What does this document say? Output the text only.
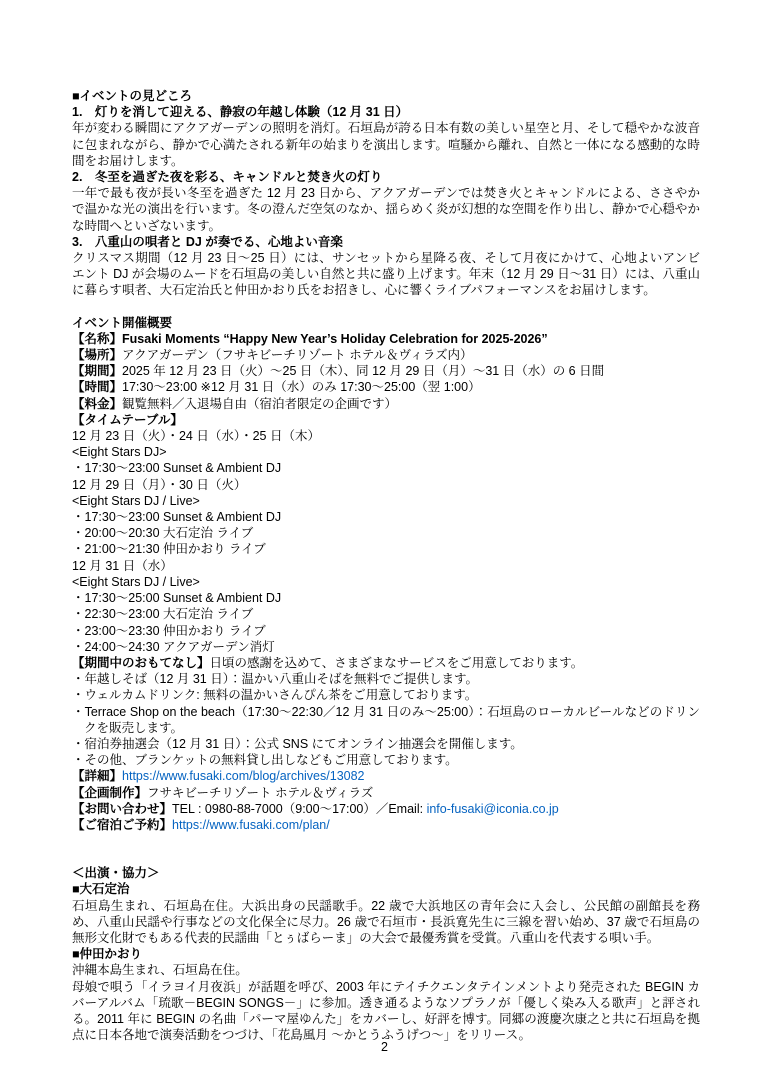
■イベントの見どころ
1.　灯りを消して迎える、静寂の年越し体験（12 月 31 日）

年が変わる瞬間にアクアガーデンの照明を消灯。石垣島が誇る日本有数の美しい星空と月、そして穏やかな波音に包まれながら、静かで心満たされる新年の始まりを演出します。喧騒から離れ、自然と一体になる感動的な時間をお届けします。

2.　冬至を過ぎた夜を彩る、キャンドルと焚き火の灯り

一年で最も夜が長い冬至を過ぎた 12 月 23 日から、アクアガーデンでは焚き火とキャンドルによる、ささやかで温かな光の演出を行います。冬の澄んだ空気のなか、揺らめく炎が幻想的な空間を作り出し、静かで心穏やかな時間へといざないます。

3.　八重山の唄者と DJ が奏でる、心地よい音楽

クリスマス期間（12 月 23 日～25 日）には、サンセットから星降る夜、そして月夜にかけて、心地よいアンビエント DJ が会場のムードを石垣島の美しい自然と共に盛り上げます。年末（12 月 29 日～31 日）には、八重山に暮らす唄者、大石定治氏と仲田かおり氏をお招きし、心に響くライブパフォーマンスをお届けします。

イベント開催概要
【名称】Fusaki Moments “Happy New Year’s Holiday Celebration for 2025-2026”
【場所】アクアガーデン（フサキビーチリゾート ホテル＆ヴィラズ内）
【期間】2025 年 12 月 23 日（火）～25 日（木）、同 12 月 29 日（月）～31 日（水）の 6 日間
【時間】17:30～23:00 ※12 月 31 日（水）のみ 17:30～25:00（翌 1:00）
【料金】観覧無料／入退場自由（宿泊者限定の企画です）
【タイムテーブル】
12 月 23 日（火）・24 日（水）・25 日（木）
<Eight Stars DJ>
・17:30～23:00 Sunset & Ambient DJ
12 月 29 日（月）・30 日（火）
<Eight Stars DJ / Live>
・17:30～23:00 Sunset & Ambient DJ
・20:00～20:30 大石定治 ライブ
・21:00～21:30 仲田かおり ライブ
12 月 31 日（水）
<Eight Stars DJ / Live>
・17:30～25:00 Sunset & Ambient DJ
・22:30～23:00 大石定治 ライブ
・23:00～23:30 仲田かおり ライブ
・24:00～24:30 アクアガーデン消灯
【期間中のおもてなし】日頃の感謝を込めて、さまざまなサービスをご用意しております。
・年越しそば（12 月 31 日）：温かい八重山そばを無料でご提供します。
・ウェルカムドリンク: 無料の温かいさんぴん茶をご用意しております。
・Terrace Shop on the beach（17:30～22:30／12 月 31 日のみ～25:00）：石垣島のローカルビールなどのドリンクを販売します。
・宿泊券抽選会（12 月 31 日）：公式 SNS にてオンライン抽選会を開催します。
・その他、ブランケットの無料貸し出しなどもご用意しております。
【詳細】https://www.fusaki.com/blog/archives/13082
【企画制作】フサキビーチリゾート ホテル＆ヴィラズ
【お問い合わせ】TEL : 0980-88-7000（9:00～17:00）／Email: info-fusaki@iconia.co.jp
【ご宿泊ご予約】https://www.fusaki.com/plan/
＜出演・協力＞
■大石定治

石垣島生まれ、石垣島在住。大浜出身の民謡歌手。22 歳で大浜地区の青年会に入会し、公民館の副館長を務め、八重山民謡や行事などの文化保全に尽力。26 歳で石垣市・長浜寛先生に三線を習い始め、37 歳で石垣島の無形文化財でもある代表的民謡曲「とぅばらーま」の大会で最優秀賞を受賞。八重山を代表する唄い手。

■仲田かおり
沖縄本島生まれ、石垣島在住。

母娘で唄う「イラヨイ月夜浜」が話題を呼び、2003 年にテイチクエンタテインメントより発売された BEGIN カバーアルバム「琉歌－BEGIN SONGS－」に参加。透き通るようなソプラノが「優しく染み入る歌声」と評される。2011 年に BEGIN の名曲「パーマ屋ゆんた」をカバーし、好評を博す。同郷の渡慶次康之と共に石垣島を拠点に日本各地で演奏活動をつづけ、「花島風月 ～かとうふうげつ～」をリリース。

2
